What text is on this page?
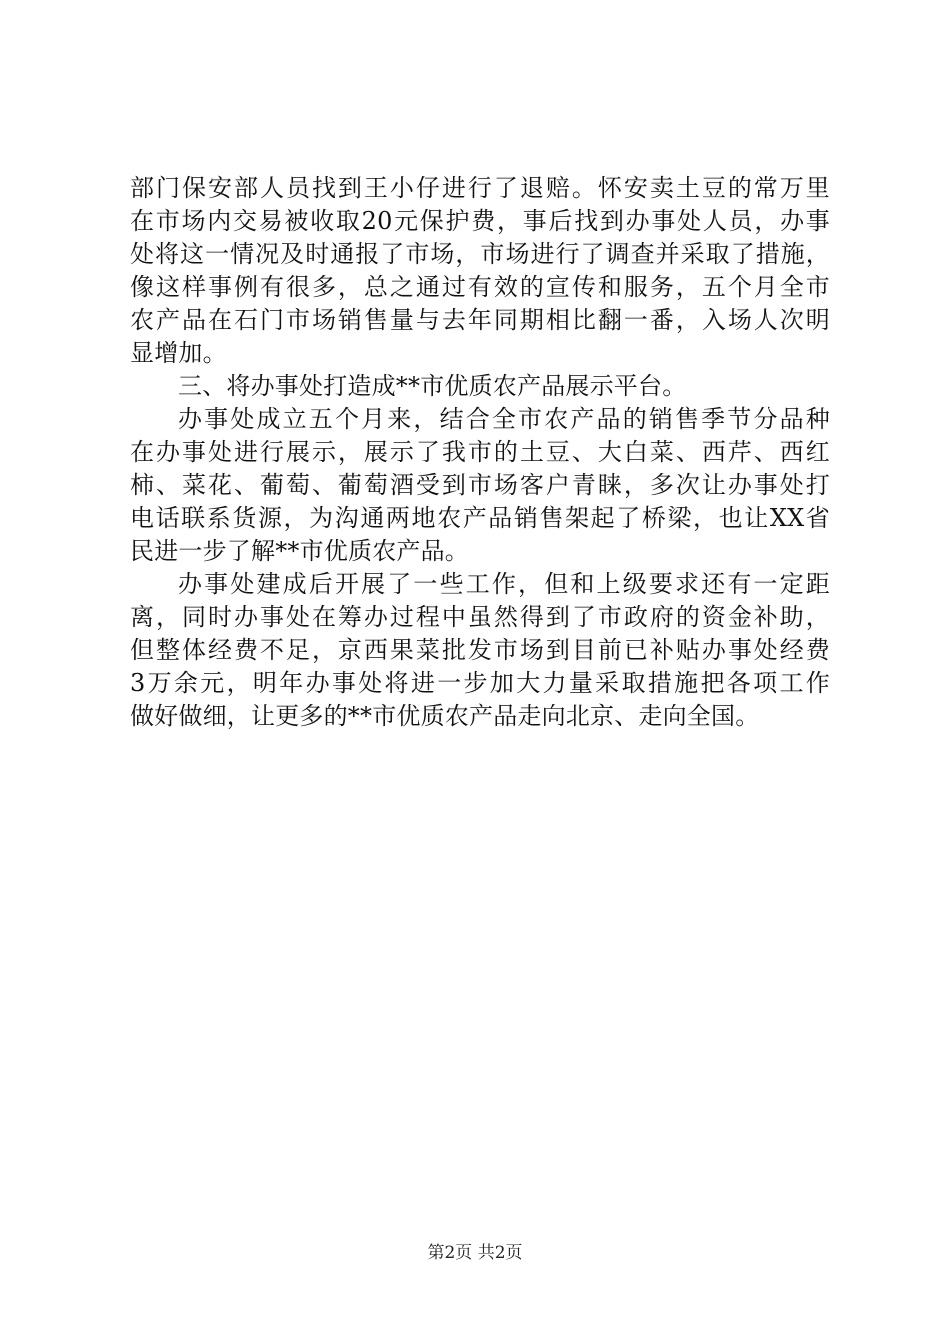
部门保安部人员找到王小仔进行了退赔。怀安卖土豆的常万里
在市场内交易被收取20元保护费，事后找到办事处人员，办事
处将这一情况及时通报了市场，市场进行了调查并采取了措施，
像这样事例有很多，总之通过有效的宣传和服务，五个月全市
农产品在石门市场销售量与去年同期相比翻一番，入场人次明
显增加。
三、将办事处打造成**市优质农产品展示平台。
办事处成立五个月来，结合全市农产品的销售季节分品种
在办事处进行展示，展示了我市的土豆、大白菜、西芹、西红
柿、菜花、葡萄、葡萄酒受到市场客户青睐，多次让办事处打
电话联系货源，为沟通两地农产品销售架起了桥梁，也让XX省
民进一步了解**市优质农产品。
办事处建成后开展了一些工作，但和上级要求还有一定距
离，同时办事处在筹办过程中虽然得到了市政府的资金补助，
但整体经费不足，京西果菜批发市场到目前已补贴办事处经费
3万余元，明年办事处将进一步加大力量采取措施把各项工作
做好做细，让更多的**市优质农产品走向北京、走向全国。
第2页 共2页
